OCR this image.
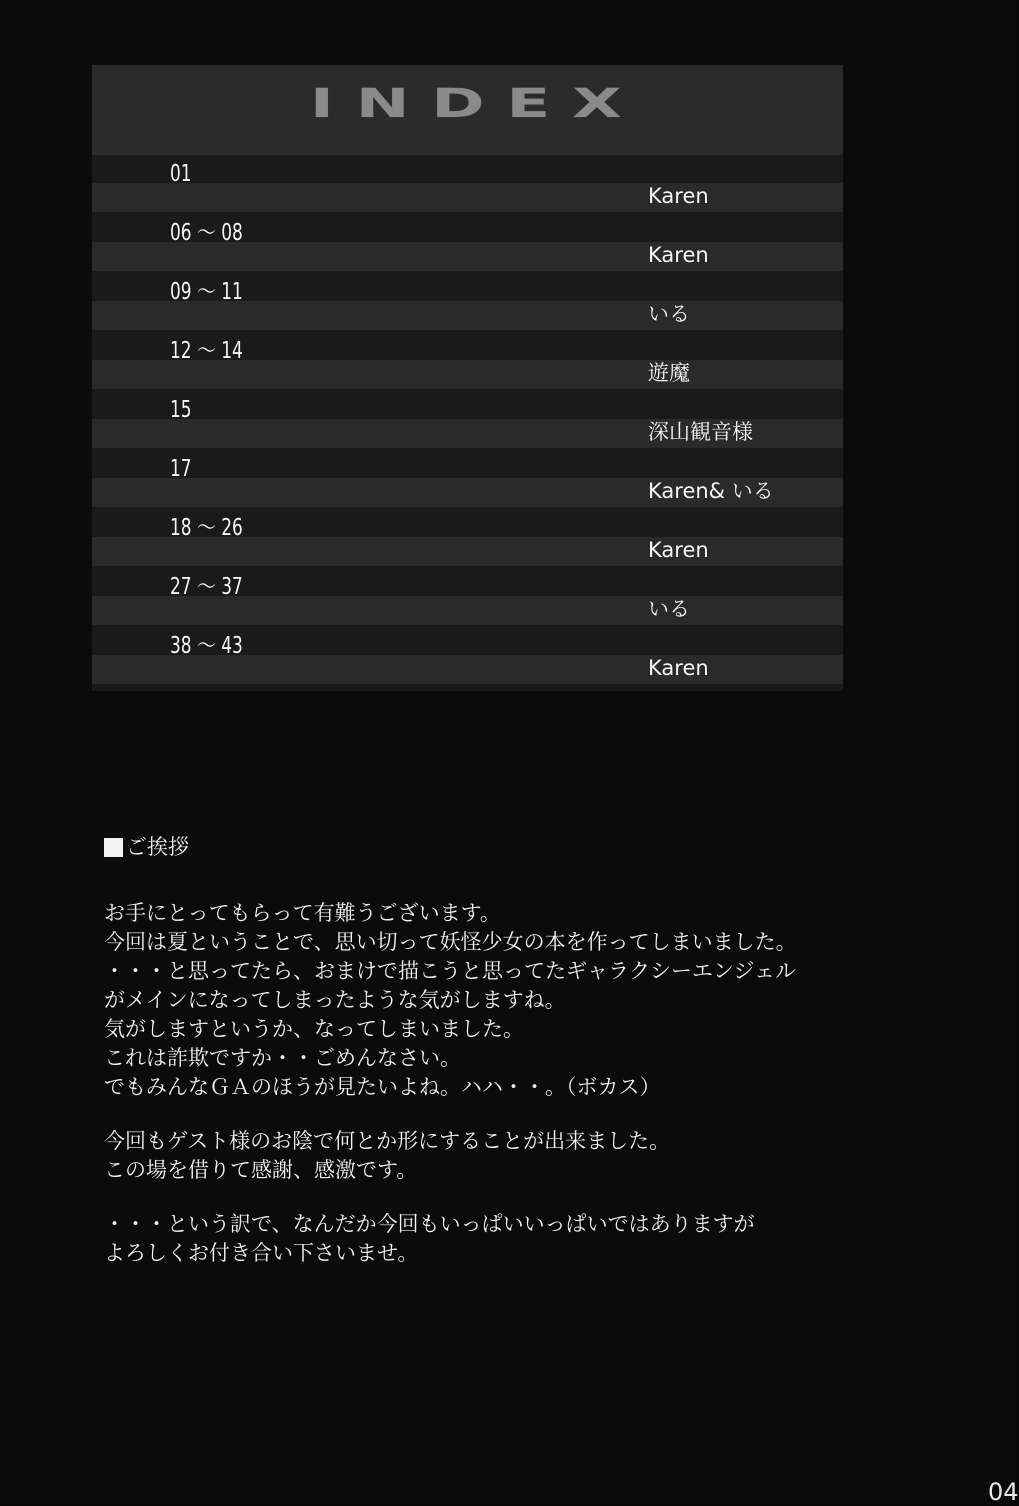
INDEX
01
Karen
06 ～ 08
Karen
09 ～ 11
いる
12 ～ 14
遊魔
15
深山観音様
17
Karen& いる
18 ～ 26
Karen
27 ～ 37
いる
38 ～ 43
Karen
ご挨拶
お手にとってもらって有難うございます。
今回は夏ということで、思い切って妖怪少女の本を作ってしまいました。
・・・と思ってたら、おまけで描こうと思ってたギャラクシーエンジェル
がメインになってしまったような気がしますね。
気がしますというか、なってしまいました。
これは詐欺ですか・・ごめんなさい。
でもみんなＧＡのほうが見たいよね。ハハ・・。（ボカス）
今回もゲスト様のお陰で何とか形にすることが出来ました。
この場を借りて感謝、感激です。
・・・という訳で、なんだか今回もいっぱいいっぱいではありますが
よろしくお付き合い下さいませ。
04
